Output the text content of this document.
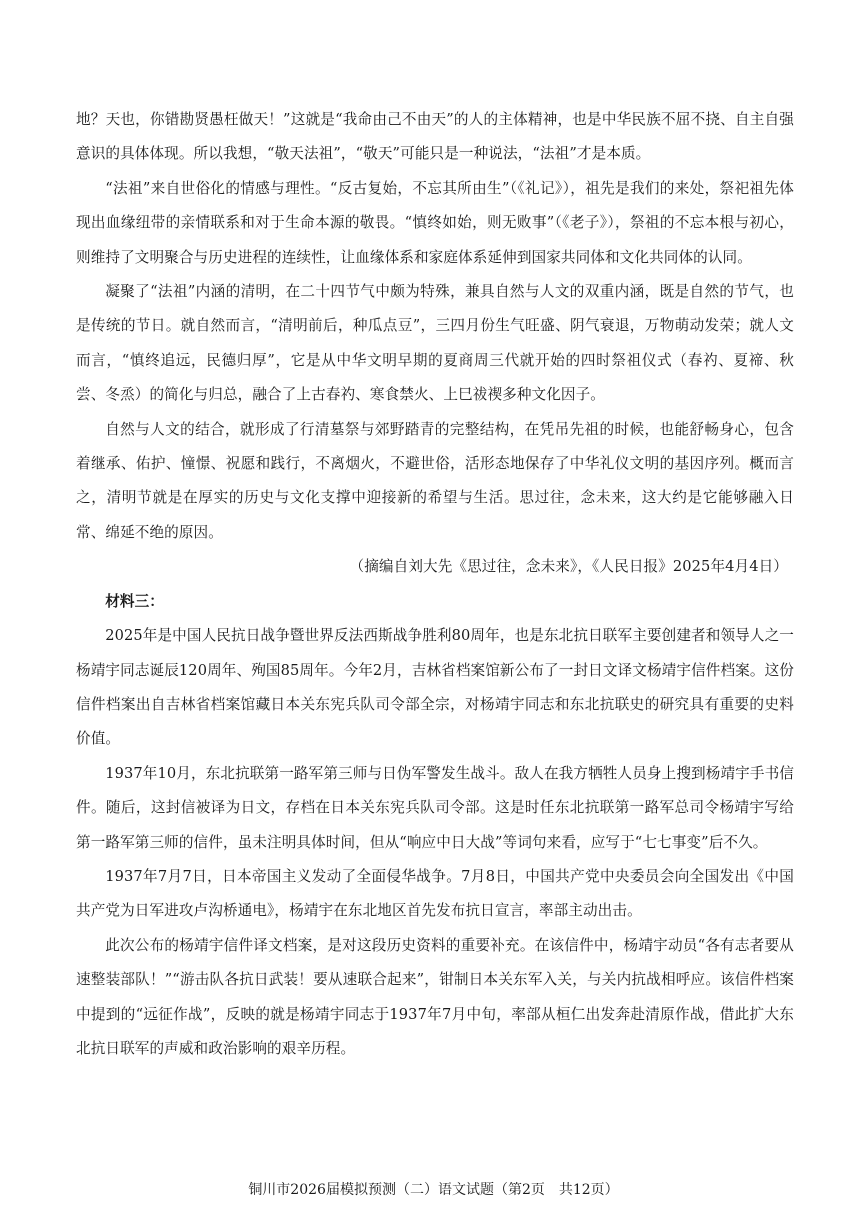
地？天也，你错勘贤愚枉做天！”这就是“我命由己不由天”的人的主体精神，也是中华民族不屈不挠、自主自强意识的具体体现。所以我想，“敬天法祖”，“敬天”可能只是一种说法，“法祖”才是本质。

“法祖”来自世俗化的情感与理性。“反古复始，不忘其所由生”（《礼记》），祖先是我们的来处，祭祀祖先体现出血缘纽带的亲情联系和对于生命本源的敬畏。“慎终如始，则无败事”（《老子》），祭祖的不忘本根与初心，则维持了文明聚合与历史进程的连续性，让血缘体系和家庭体系延伸到国家共同体和文化共同体的认同。

凝聚了“法祖”内涵的清明，在二十四节气中颇为特殊，兼具自然与人文的双重内涵，既是自然的节气，也是传统的节日。就自然而言，“清明前后，种瓜点豆”，三四月份生气旺盛、阴气衰退，万物萌动发荣；就人文而言，“慎终追远，民德归厚”，它是从中华文明早期的夏商周三代就开始的四时祭祖仪式（春礿、夏禘、秋尝、冬烝）的简化与归总，融合了上古春礿、寒食禁火、上巳祓禊多种文化因子。

自然与人文的结合，就形成了行清墓祭与郊野踏青的完整结构，在凭吊先祖的时候，也能舒畅身心，包含着继承、佑护、憧憬、祝愿和践行，不离烟火，不避世俗，活形态地保存了中华礼仪文明的基因序列。概而言之，清明节就是在厚实的历史与文化支撑中迎接新的希望与生活。思过往，念未来，这大约是它能够融入日常、绵延不绝的原因。

（摘编自刘大先《思过往，念未来》，《人民日报》2025年4月4日）

材料三：

2025年是中国人民抗日战争暨世界反法西斯战争胜利80周年，也是东北抗日联军主要创建者和领导人之一杨靖宇同志诞辰120周年、殉国85周年。今年2月，吉林省档案馆新公布了一封日文译文杨靖宇信件档案。这份信件档案出自吉林省档案馆藏日本关东宪兵队司令部全宗，对杨靖宇同志和东北抗联史的研究具有重要的史料价值。

1937年10月，东北抗联第一路军第三师与日伪军警发生战斗。敌人在我方牺牲人员身上搜到杨靖宇手书信件。随后，这封信被译为日文，存档在日本关东宪兵队司令部。这是时任东北抗联第一路军总司令杨靖宇写给第一路军第三师的信件，虽未注明具体时间，但从“响应中日大战”等词句来看，应写于“七七事变”后不久。

1937年7月7日，日本帝国主义发动了全面侵华战争。7月8日，中国共产党中央委员会向全国发出《中国共产党为日军进攻卢沟桥通电》，杨靖宇在东北地区首先发布抗日宣言，率部主动出击。

此次公布的杨靖宇信件译文档案，是对这段历史资料的重要补充。在该信件中，杨靖宇动员“各有志者要从速整装部队！”“游击队各抗日武装！要从速联合起来”，钳制日本关东军入关，与关内抗战相呼应。该信件档案中提到的“远征作战”，反映的就是杨靖宇同志于1937年7月中旬，率部从桓仁出发奔赴清原作战，借此扩大东北抗日联军的声威和政治影响的艰辛历程。

铜川市2026届模拟预测（二）语文试题（第2页　共12页）
